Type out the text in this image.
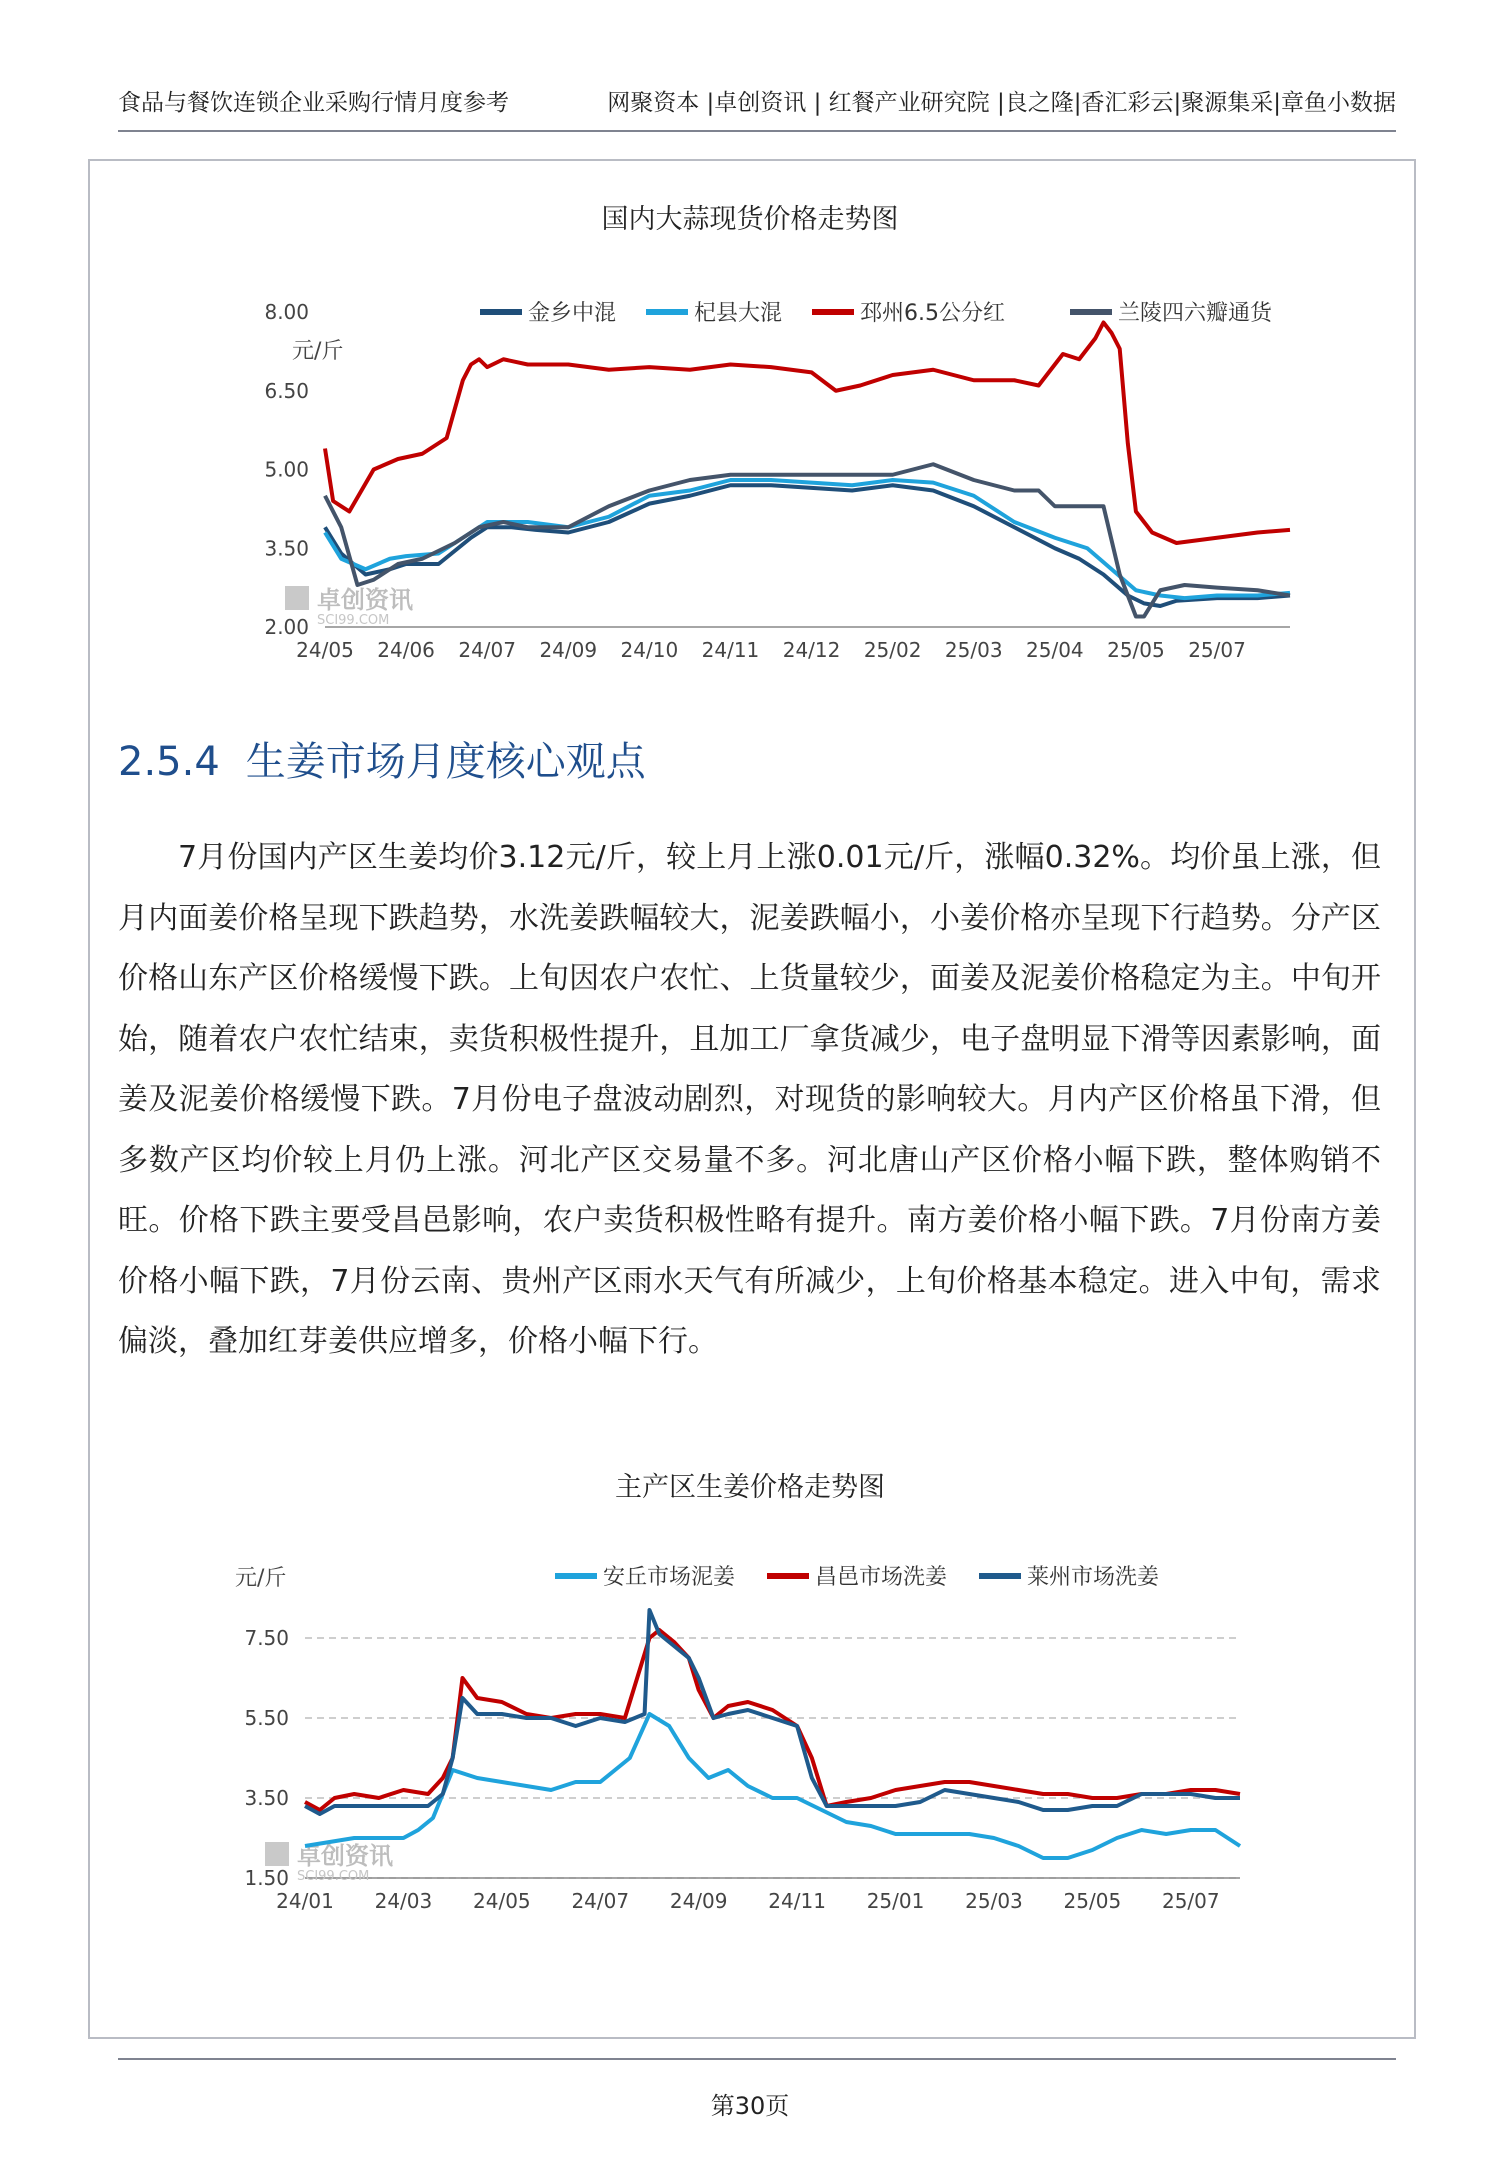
食品与餐饮连锁企业采购行情月度参考	网聚资本 |卓创资讯 | 红餐产业研究院 |良之隆|香汇彩云|聚源集采|章鱼小数据
国内大蒜现货价格走势图
8.00
6.50
5.00
3.50
2.00
24/05 24/06 24/07 24/09 24/10 24/11 24/12 25/02 25/03 25/04 25/05 25/07
元/斤
卓创资讯
SCI99.COM
金乡中混	杞县大混	邳州6.5公分红	兰陵四六瓣通货
2.5.4 生姜市场月度核心观点
7月份国内产区生姜均价3.12元/斤，较上月上涨0.01元/斤，涨幅0.32%。均价虽上涨，但月内面姜价格呈现下跌趋势，水洗姜跌幅较大，泥姜跌幅小，小姜价格亦呈现下行趋势。分产区价格山东产区价格缓慢下跌。上旬因农户农忙、上货量较少，面姜及泥姜价格稳定为主。中旬开始，随着农户农忙结束，卖货积极性提升，且加工厂拿货减少，电子盘明显下滑等因素影响，面姜及泥姜价格缓慢下跌。7月份电子盘波动剧烈，对现货的影响较大。月内产区价格虽下滑，但多数产区均价较上月仍上涨。河北产区交易量不多。河北唐山产区价格小幅下跌，整体购销不旺。价格下跌主要受昌邑影响，农户卖货积极性略有提升。南方姜价格小幅下跌。7月份南方姜价格小幅下跌，7月份云南、贵州产区雨水天气有所减少，上旬价格基本稳定。进入中旬，需求偏淡，叠加红芽姜供应增多，价格小幅下行。
主产区生姜价格走势图
7.50
5.50
3.50
1.50
24/01 24/03 24/05 24/07 24/09 24/11 25/01 25/03 25/05 25/07
元/斤
卓创资讯
SCI99.COM
安丘市场泥姜	昌邑市场洗姜	莱州市场洗姜
第30页
